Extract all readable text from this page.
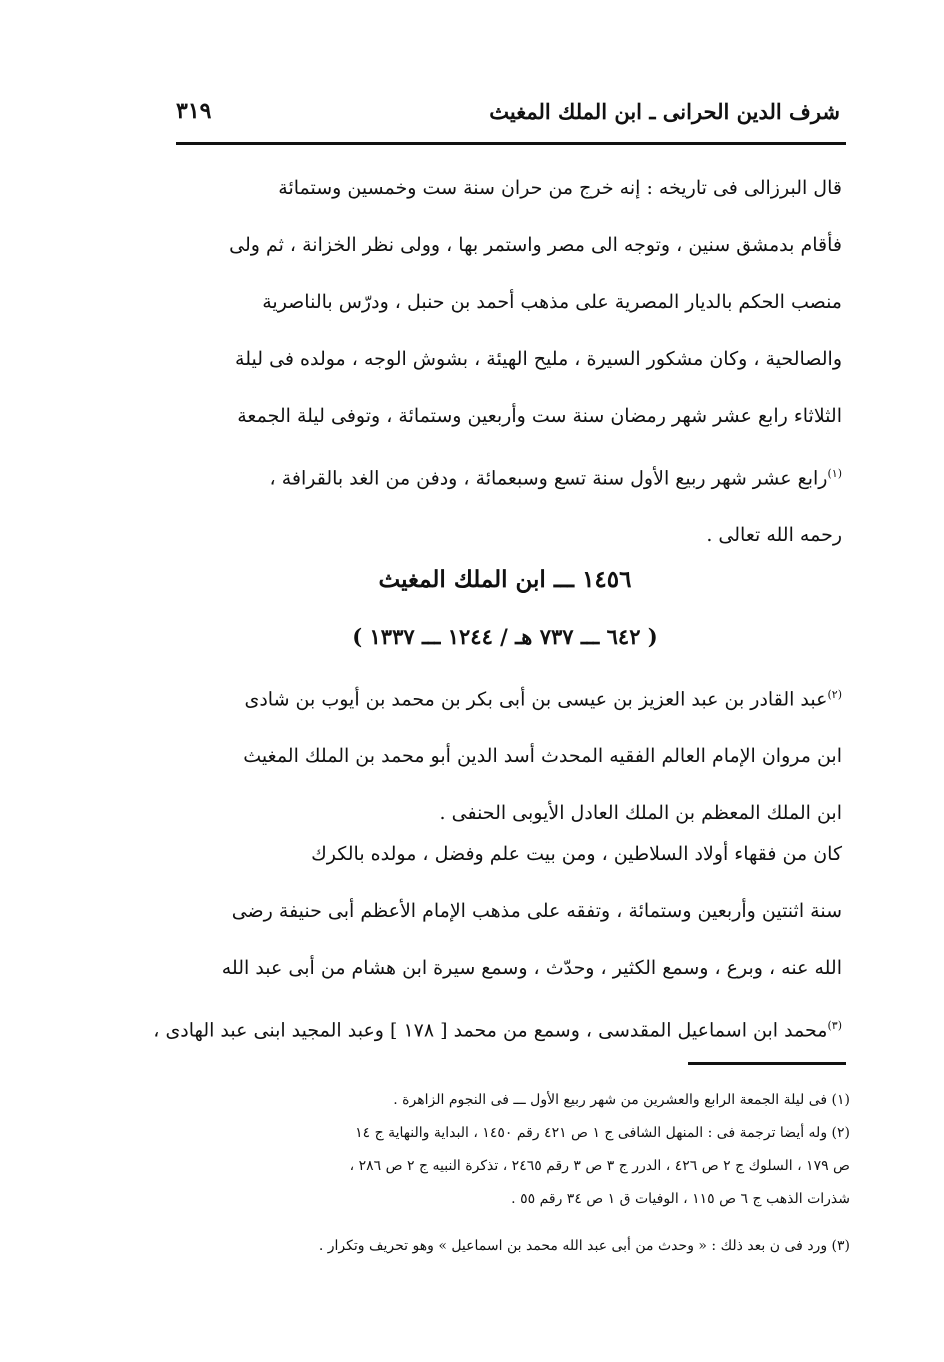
شرف الدين الحرانى ـ ابن الملك المغيث
٣١٩
قال البرزالى فى تاريخه : إنه خرج من حران سنة ست وخمسين وستمائة
فأقام بدمشق سنين ، وتوجه الى مصر واستمر بها ، وولى نظر الخزانة ، ثم ولى
منصب الحكم بالديار المصرية على مذهب أحمد بن حنبل ، ودرّس بالناصرية
والصالحية ، وكان مشكور السيرة ، مليح الهيئة ، بشوش الوجه ، مولده فى ليلة
الثلاثاء رابع عشر شهر رمضان سنة ست وأربعين وستمائة ، وتوفى ليلة الجمعة
$^{(١)}$رابع عشر شهر ربيع الأول سنة تسع وسبعمائة ، ودفن من الغد بالقرافة ،
رحمه الله تعالى .
١٤٥٦ ـــ ابن الملك المغيث
( ٦٤٢ ـــ ٧٣٧ هـ / ١٢٤٤ ـــ ١٣٣٧ )
$^{(٢)}$عبد القادر بن عبد العزيز بن عيسى بن أبى بكر بن محمد بن أيوب بن شادى
ابن مروان الإمام العالم الفقيه المحدث أسد الدين أبو محمد بن الملك المغيث
ابن الملك المعظم بن الملك العادل الأيوبى الحنفى .
كان من فقهاء أولاد السلاطين ، ومن بيت علم وفضل ، مولده بالكرك
سنة اثنتين وأربعين وستمائة ، وتفقه على مذهب الإمام الأعظم أبى حنيفة رضى
الله عنه ، وبرع ، وسمع الكثير ، وحدّث ، وسمع سيرة ابن هشام من أبى عبد الله
$^{(٣)}$محمد ابن اسماعيل المقدسى ، وسمع من محمد [ ١٧٨ ] وعبد المجيد ابنى عبد الهادى ،
(١) فى ليلة الجمعة الرابع والعشرين من شهر ربيع الأول ـــ فى النجوم الزاهرة .
(٢) وله أيضا ترجمة فى : المنهل الشافى ج ١ ص ٤٢١ رقم ١٤٥٠ ، البداية والنهاية ج ١٤
ص ١٧٩ ، السلوك ج ٢ ص ٤٢٦ ، الدرر ج ٣ ص ٣ رقم ٢٤٦٥ ، تذكرة النبيه ج ٢ ص ٢٨٦ ،
شذرات الذهب ج ٦ ص ١١٥ ، الوفيات ق ١ ص ٣٤ رقم ٥٥ .
(٣) ورد فى ن بعد ذلك : « وحدث من أبى عبد الله محمد بن اسماعيل » وهو تحريف وتكرار .
